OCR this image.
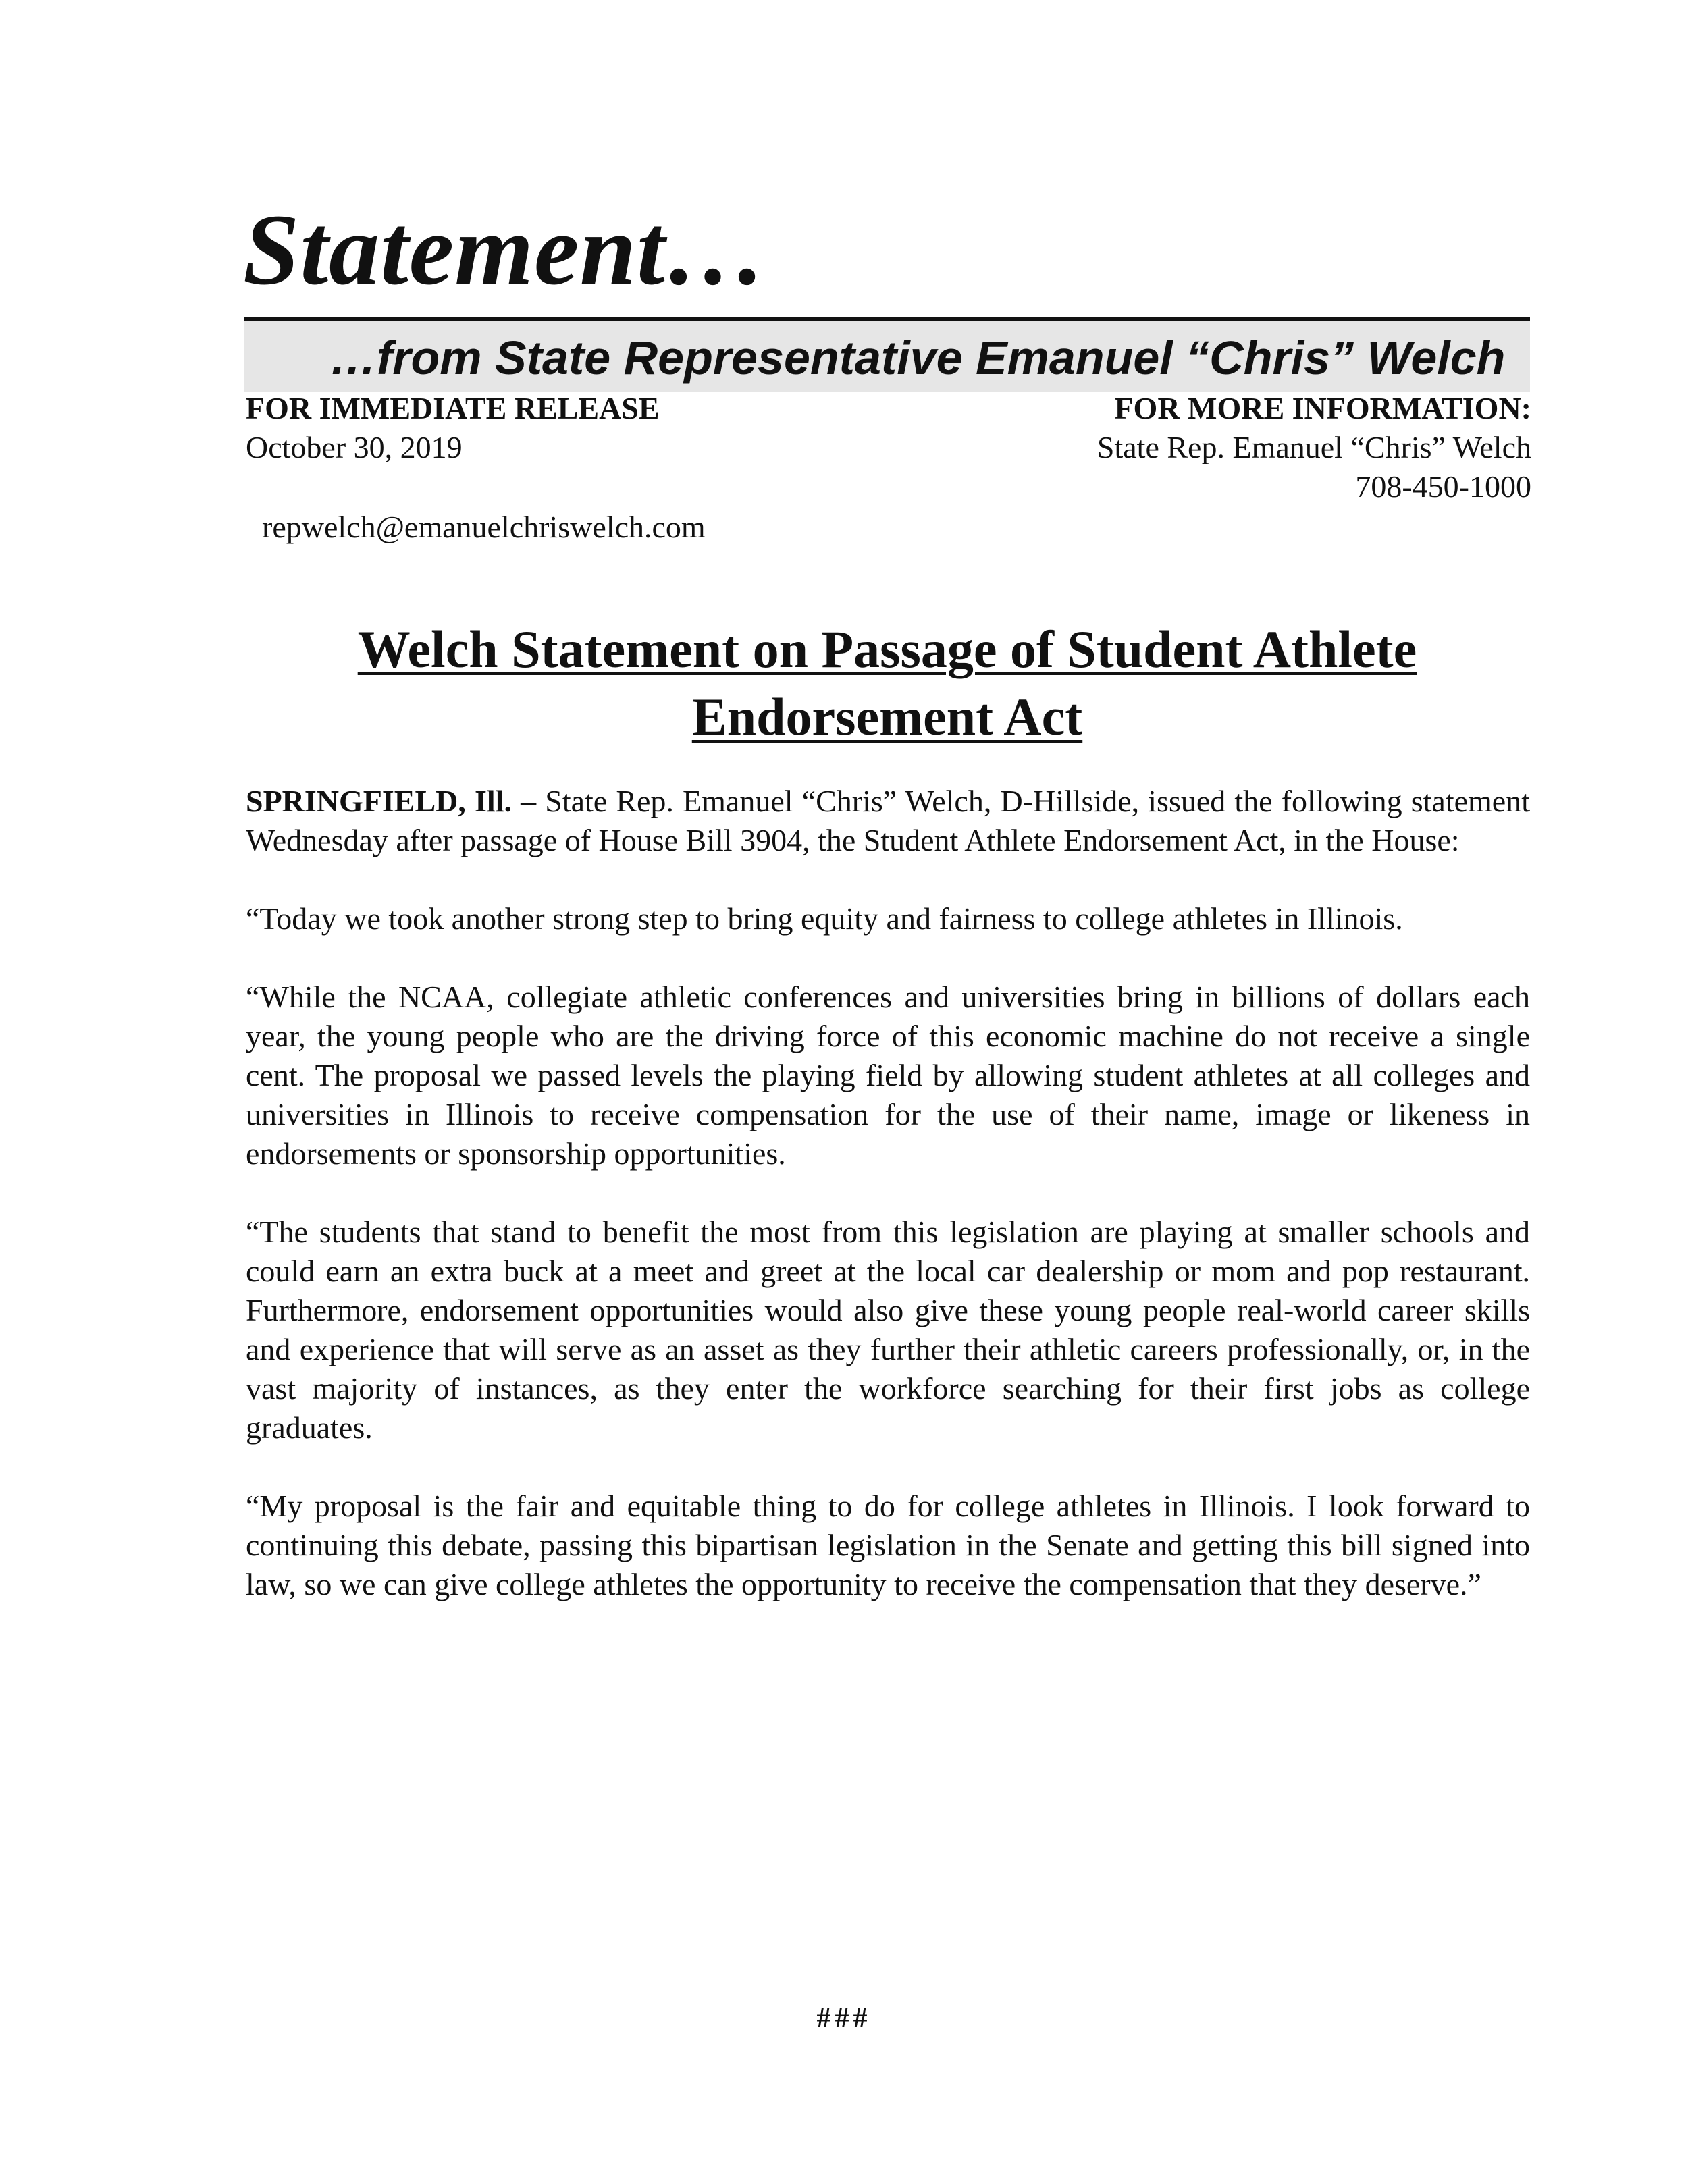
Statement…
…from State Representative Emanuel “Chris” Welch
FOR IMMEDIATE RELEASE
October 30, 2019
FOR MORE INFORMATION:
State Rep. Emanuel “Chris” Welch
708-450-1000
repwelch@emanuelchriswelch.com
Welch Statement on Passage of Student Athlete
Endorsement Act

SPRINGFIELD, Ill. – State Rep. Emanuel “Chris” Welch, D-Hillside, issued the following statement Wednesday after passage of House Bill 3904, the Student Athlete Endorsement Act, in the House:

“Today we took another strong step to bring equity and fairness to college athletes in Illinois.

“While the NCAA, collegiate athletic conferences and universities bring in billions of dollars each year, the young people who are the driving force of this economic machine do not receive a single cent. The proposal we passed levels the playing field by allowing student athletes at all colleges and universities in Illinois to receive compensation for the use of their name, image or likeness in endorsements or sponsorship opportunities.

“The students that stand to benefit the most from this legislation are playing at smaller schools and could earn an extra buck at a meet and greet at the local car dealership or mom and pop restaurant. Furthermore, endorsement opportunities would also give these young people real-world career skills and experience that will serve as an asset as they further their athletic careers professionally, or, in the vast majority of instances, as they enter the workforce searching for their first jobs as college graduates.

“My proposal is the fair and equitable thing to do for college athletes in Illinois. I look forward to continuing this debate, passing this bipartisan legislation in the Senate and getting this bill signed into law, so we can give college athletes the opportunity to receive the compensation that they deserve.”

###
